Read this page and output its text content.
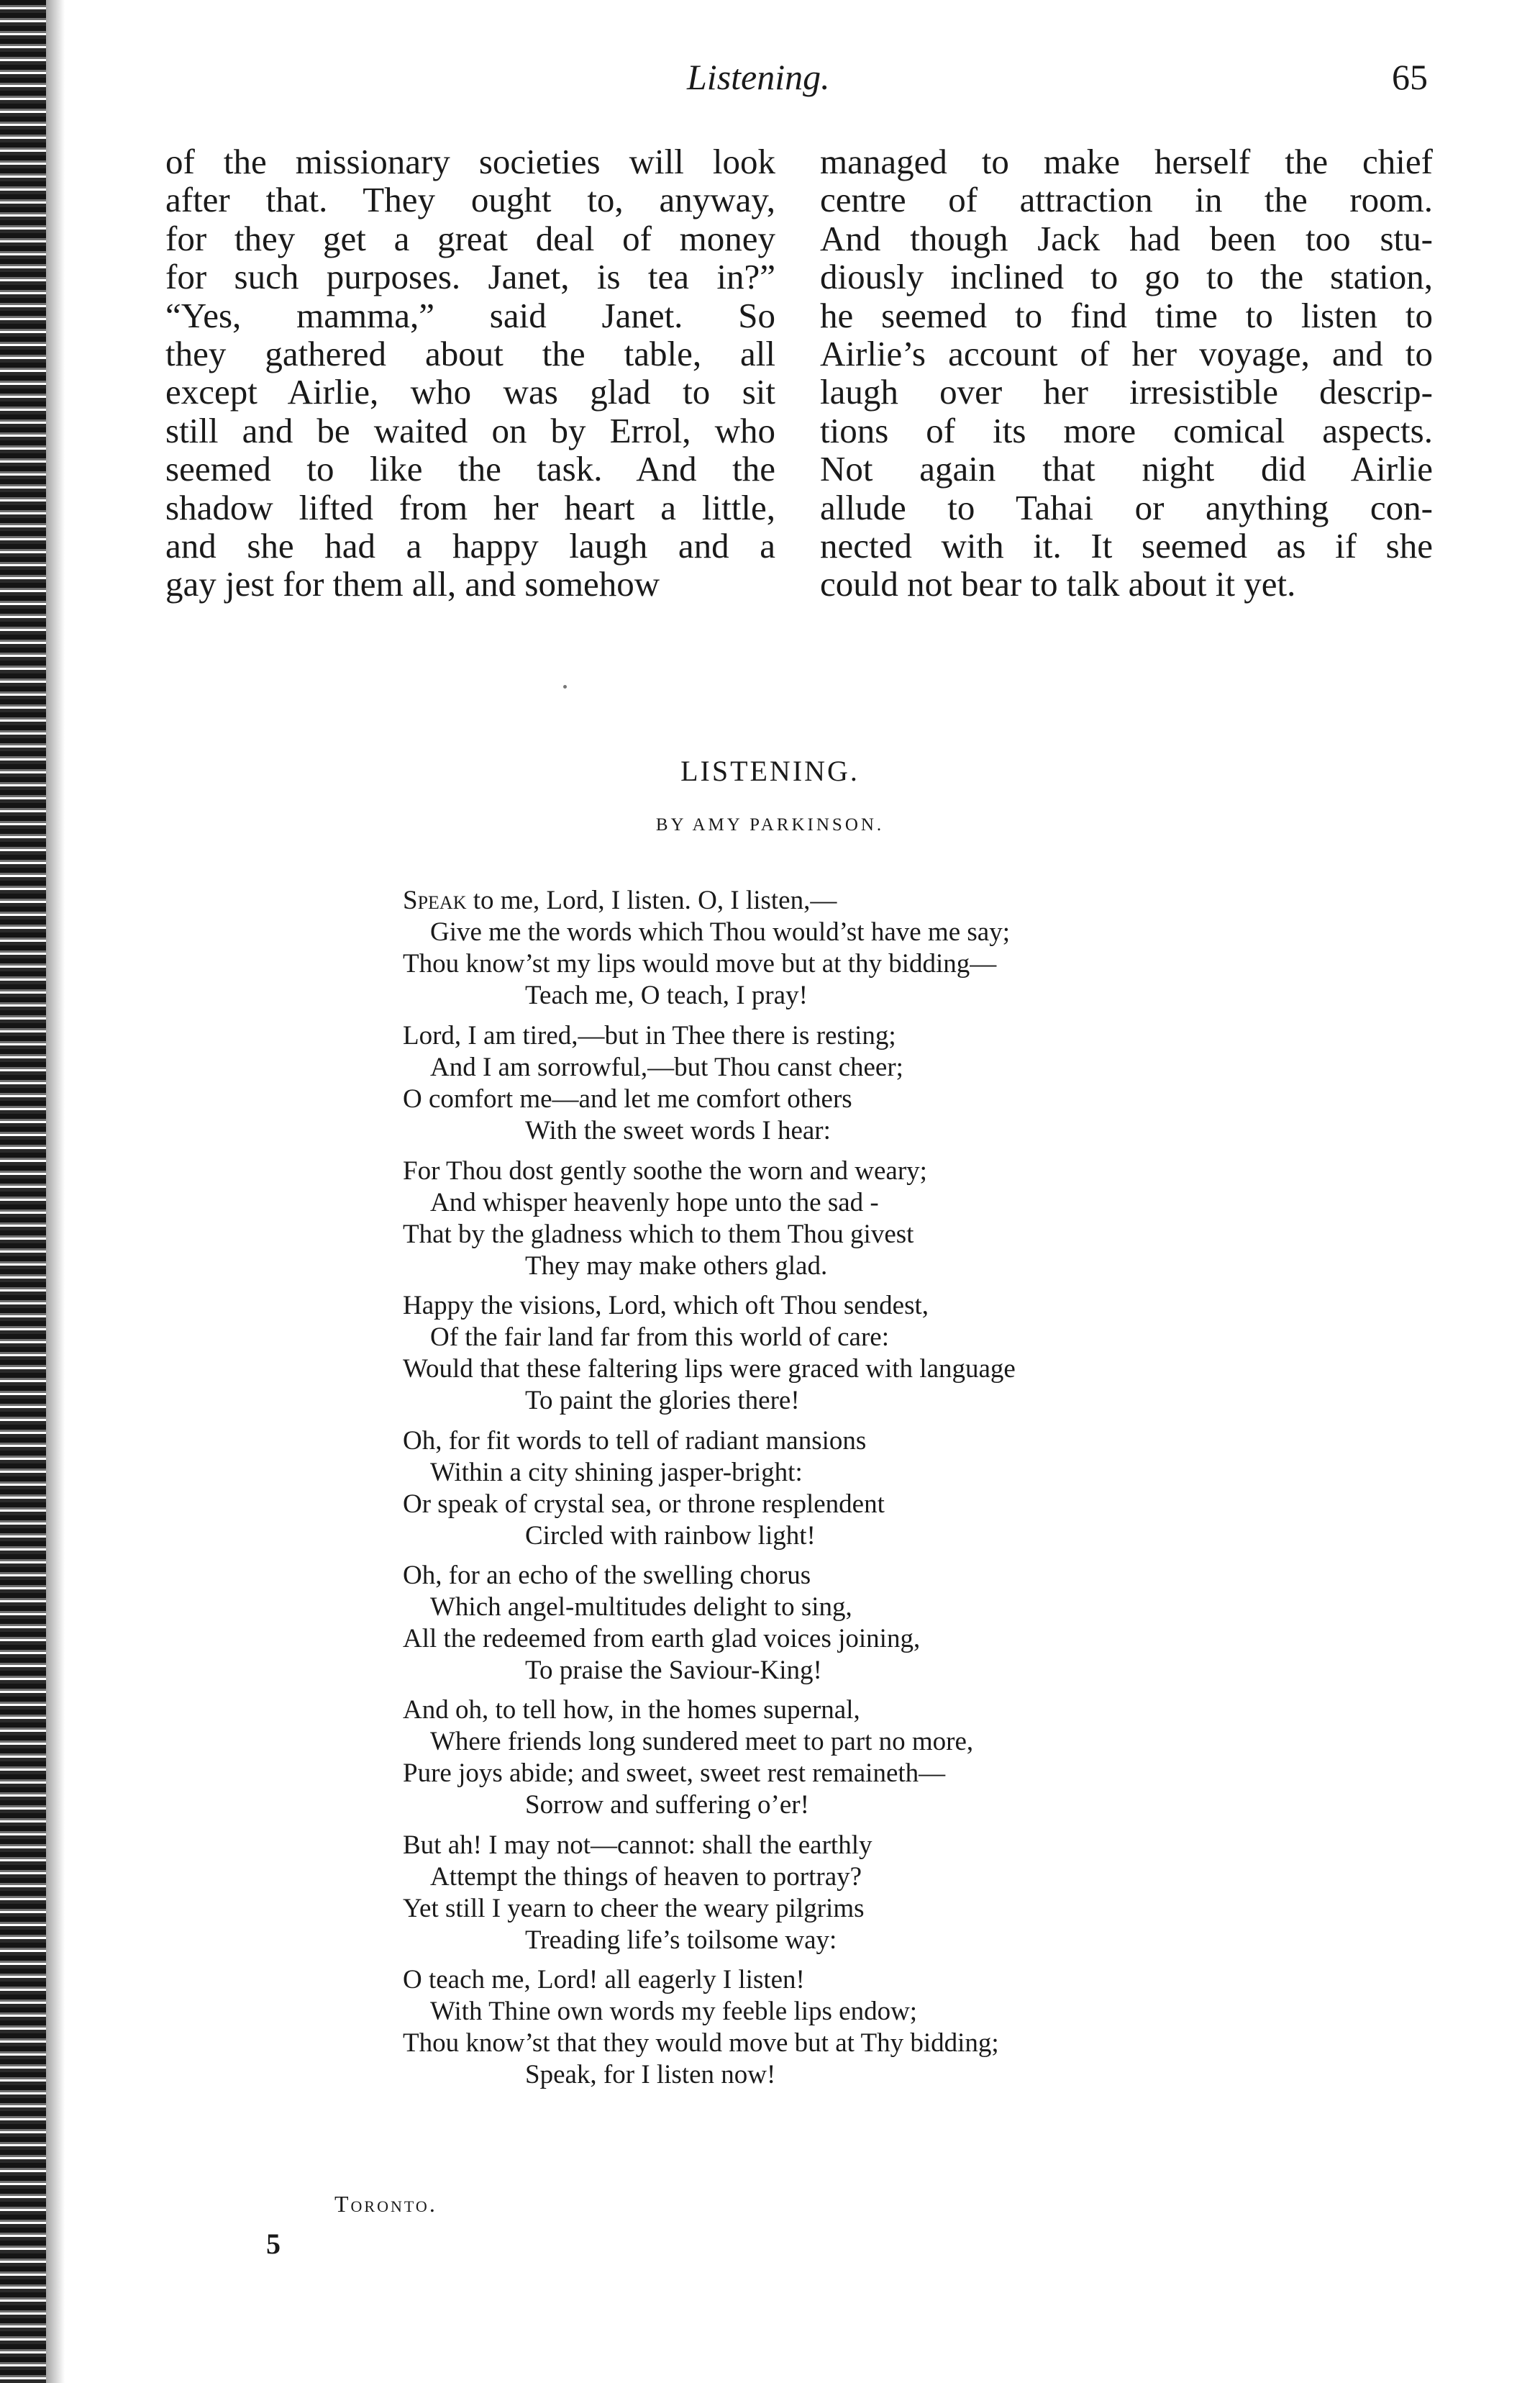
Listening.	65
of the missionary societies will look
after that. They ought to, anyway,
for they get a great deal of money
for such purposes. Janet, is tea in?”
“Yes, mamma,” said Janet. So
they gathered about the table, all
except Airlie, who was glad to sit
still and be waited on by Errol, who
seemed to like the task. And the
shadow lifted from her heart a little,
and she had a happy laugh and a
gay jest for them all, and somehow
managed to make herself the chief
centre of attraction in the room.
And though Jack had been too stu-
diously inclined to go to the station,
he seemed to find time to listen to
Airlie’s account of her voyage, and to
laugh over her irresistible descrip-
tions of its more comical aspects.
Not again that night did Airlie
allude to Tahai or anything con-
nected with it. It seemed as if she
could not bear to talk about it yet.
LISTENING.
BY AMY PARKINSON.
Speak to me, Lord, I listen. O, I listen,—
Give me the words which Thou would’st have me say;
Thou know’st my lips would move but at thy bidding—
Teach me, O teach, I pray!
Lord, I am tired,—but in Thee there is resting;
And I am sorrowful,—but Thou canst cheer;
O comfort me—and let me comfort others
With the sweet words I hear:
For Thou dost gently soothe the worn and weary;
And whisper heavenly hope unto the sad -
That by the gladness which to them Thou givest
They may make others glad.
Happy the visions, Lord, which oft Thou sendest,
Of the fair land far from this world of care:
Would that these faltering lips were graced with language
To paint the glories there!
Oh, for fit words to tell of radiant mansions
Within a city shining jasper-bright:
Or speak of crystal sea, or throne resplendent
Circled with rainbow light!
Oh, for an echo of the swelling chorus
Which angel-multitudes delight to sing,
All the redeemed from earth glad voices joining,
To praise the Saviour-King!
And oh, to tell how, in the homes supernal,
Where friends long sundered meet to part no more,
Pure joys abide; and sweet, sweet rest remaineth—
Sorrow and suffering o’er!
But ah! I may not—cannot: shall the earthly
Attempt the things of heaven to portray?
Yet still I yearn to cheer the weary pilgrims
Treading life’s toilsome way:
O teach me, Lord! all eagerly I listen!
With Thine own words my feeble lips endow;
Thou know’st that they would move but at Thy bidding;
Speak, for I listen now!
Toronto.
5
